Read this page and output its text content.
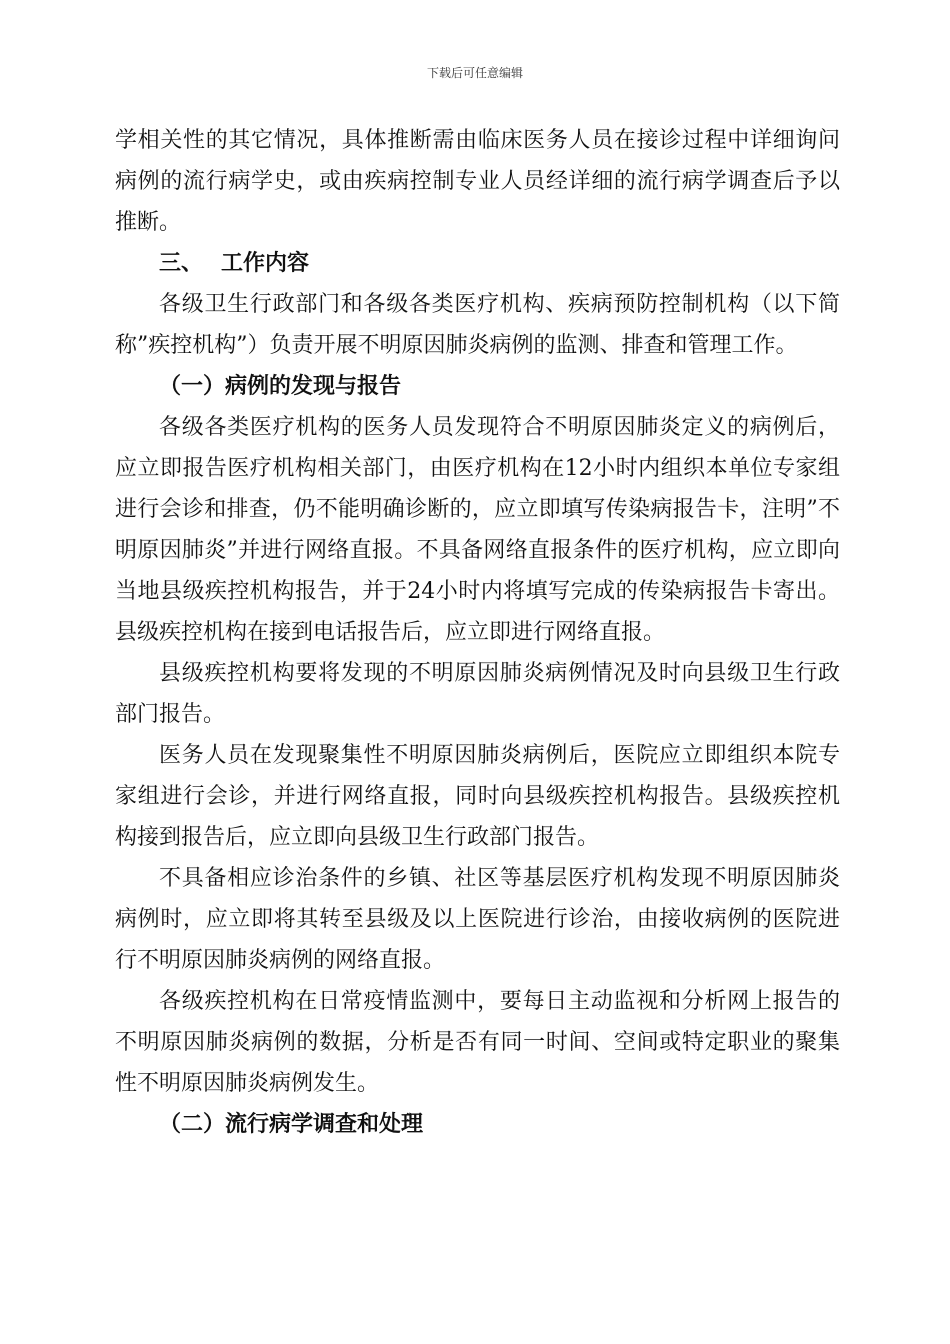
下载后可任意编辑

学相关性的其它情况，具体推断需由临床医务人员在接诊过程中详细询问病例的流行病学史，或由疾病控制专业人员经详细的流行病学调查后予以推断。

三、 工作内容

各级卫生行政部门和各级各类医疗机构、疾病预防控制机构（以下简称”疾控机构”）负责开展不明原因肺炎病例的监测、排查和管理工作。

（一）病例的发现与报告

各级各类医疗机构的医务人员发现符合不明原因肺炎定义的病例后，应立即报告医疗机构相关部门，由医疗机构在12小时内组织本单位专家组进行会诊和排查，仍不能明确诊断的，应立即填写传染病报告卡，注明”不明原因肺炎”并进行网络直报。不具备网络直报条件的医疗机构，应立即向当地县级疾控机构报告，并于24小时内将填写完成的传染病报告卡寄出。县级疾控机构在接到电话报告后，应立即进行网络直报。

县级疾控机构要将发现的不明原因肺炎病例情况及时向县级卫生行政部门报告。

医务人员在发现聚集性不明原因肺炎病例后，医院应立即组织本院专家组进行会诊，并进行网络直报，同时向县级疾控机构报告。县级疾控机构接到报告后，应立即向县级卫生行政部门报告。

不具备相应诊治条件的乡镇、社区等基层医疗机构发现不明原因肺炎病例时，应立即将其转至县级及以上医院进行诊治，由接收病例的医院进行不明原因肺炎病例的网络直报。

各级疾控机构在日常疫情监测中，要每日主动监视和分析网上报告的不明原因肺炎病例的数据，分析是否有同一时间、空间或特定职业的聚集性不明原因肺炎病例发生。

（二）流行病学调查和处理
